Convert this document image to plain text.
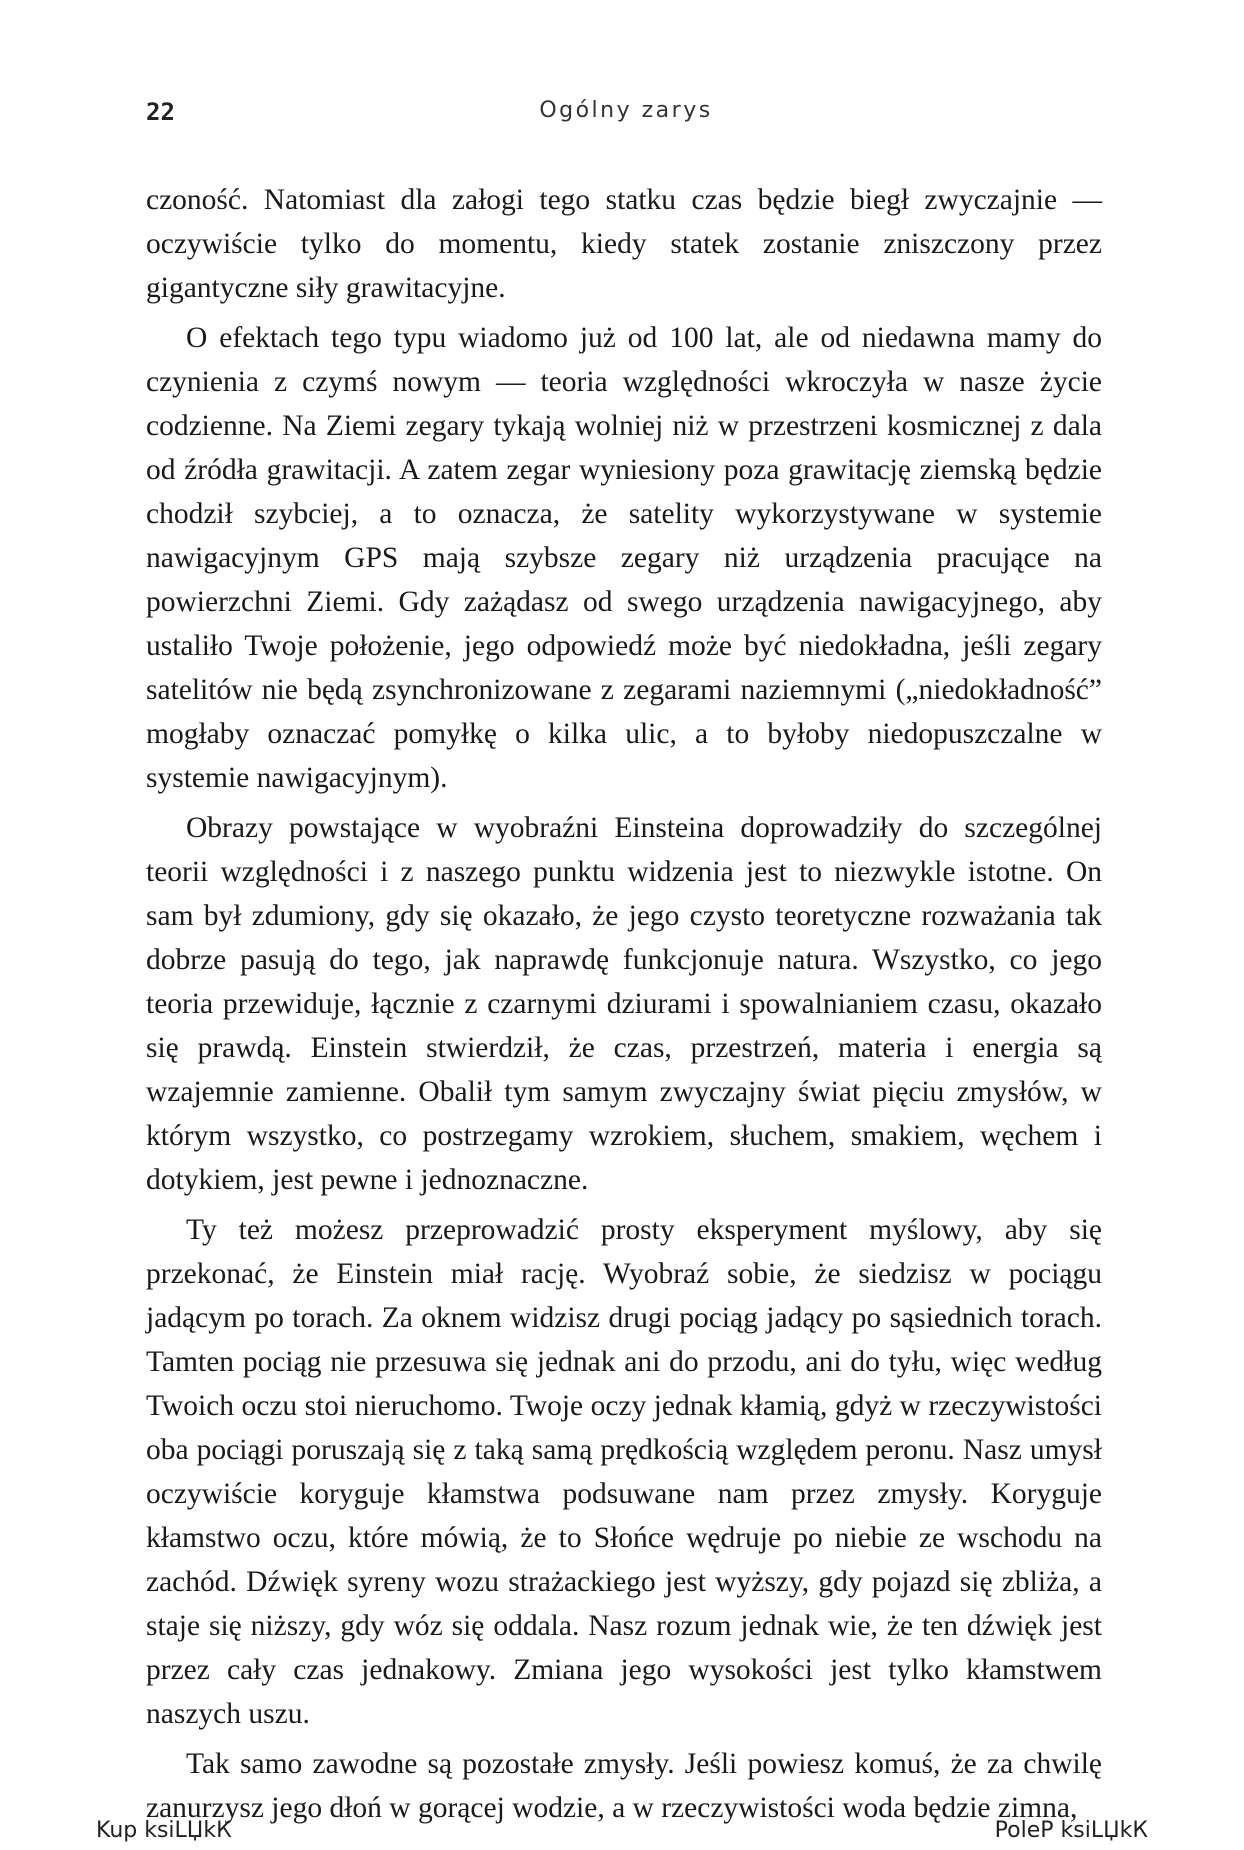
22	Ogólny zarys

czoność. Natomiast dla załogi tego statku czas będzie biegł zwyczajnie — oczywiście tylko do momentu, kiedy statek zostanie zniszczony przez gigantyczne siły grawitacyjne.

O efektach tego typu wiadomo już od 100 lat, ale od niedawna mamy do czynienia z czymś nowym — teoria względności wkroczyła w nasze życie codzienne. Na Ziemi zegary tykają wolniej niż w przestrzeni kosmicznej z dala od źródła grawitacji. A zatem zegar wyniesiony poza grawitację ziemską będzie chodził szybciej, a to oznacza, że satelity wykorzystywane w systemie nawigacyjnym GPS mają szybsze zegary niż urządzenia pracujące na powierzchni Ziemi. Gdy zażądasz od swego urządzenia nawigacyjnego, aby ustaliło Twoje położenie, jego odpowiedź może być niedokładna, jeśli zegary satelitów nie będą zsynchronizowane z zegarami naziemnymi („niedokładność” mogłaby oznaczać pomyłkę o kilka ulic, a to byłoby niedopuszczalne w systemie nawigacyjnym).

Obrazy powstające w wyobraźni Einsteina doprowadziły do szczególnej teorii względności i z naszego punktu widzenia jest to niezwykle istotne. On sam był zdumiony, gdy się okazało, że jego czysto teoretyczne rozważania tak dobrze pasują do tego, jak naprawdę funkcjonuje natura. Wszystko, co jego teoria przewiduje, łącznie z czarnymi dziurami i spowalnianiem czasu, okazało się prawdą. Einstein stwierdził, że czas, przestrzeń, materia i energia są wzajemnie zamienne. Obalił tym samym zwyczajny świat pięciu zmysłów, w którym wszystko, co postrzegamy wzrokiem, słuchem, smakiem, węchem i dotykiem, jest pewne i jednoznaczne.

Ty też możesz przeprowadzić prosty eksperyment myślowy, aby się przekonać, że Einstein miał rację. Wyobraź sobie, że siedzisz w pociągu jadącym po torach. Za oknem widzisz drugi pociąg jadący po sąsiednich torach. Tamten pociąg nie przesuwa się jednak ani do przodu, ani do tyłu, więc według Twoich oczu stoi nieruchomo. Twoje oczy jednak kłamią, gdyż w rzeczywistości oba pociągi poruszają się z taką samą prędkością względem peronu. Nasz umysł oczywiście koryguje kłamstwa podsuwane nam przez zmysły. Koryguje kłamstwo oczu, które mówią, że to Słońce wędruje po niebie ze wschodu na zachód. Dźwięk syreny wozu strażackiego jest wyższy, gdy pojazd się zbliża, a staje się niższy, gdy wóz się oddala. Nasz rozum jednak wie, że ten dźwięk jest przez cały czas jednakowy. Zmiana jego wysokości jest tylko kłamstwem naszych uszu.

Tak samo zawodne są pozostałe zmysły. Jeśli powiesz komuś, że za chwilę zanurzysz jego dłoń w gorącej wodzie, a w rzeczywistości woda będzie zimna,

Kup ksiLЏkК	PoleР ksiLЏkК
